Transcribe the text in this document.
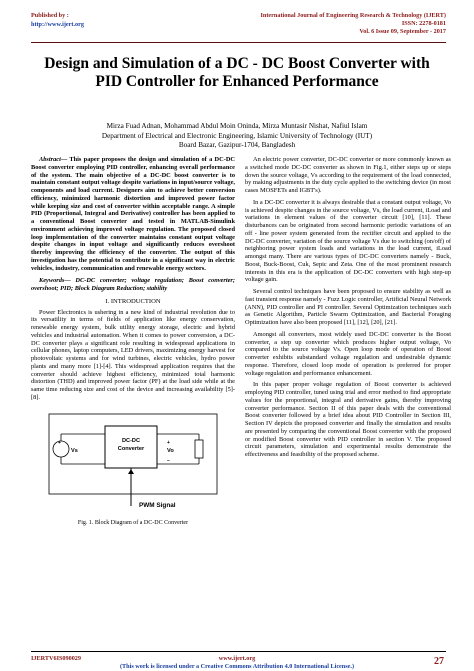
Published by :
http://www.ijert.org
International Journal of Engineering Research & Technology (IJERT)
ISSN: 2278-0181
Vol. 6 Issue 09, September - 2017
Design and Simulation of a DC - DC Boost Converter with PID Controller for Enhanced Performance
Mirza Fuad Adnan, Mohammad Abdul Moin Oninda, Mirza Muntasir Nishat, Nafiul Islam
Department of Electrical and Electronic Engineering, Islamic University of Technology (IUT)
Board Bazar, Gazipur-1704, Bangladesh
Abstract— This paper proposes the design and simulation of a DC-DC Boost converter employing PID controller, enhancing overall performance of the system. The main objective of a DC-DC boost converter is to maintain constant output voltage despite variations in input/source voltage, components and load current. Designers aim to achieve better conversion efficiency, minimized harmonic distortion and improved power factor while keeping size and cost of converter within acceptable range. A simple PID (Proportional, Integral and Derivative) controller has been applied to a conventional Boost converter and tested in MATLAB-Simulink environment achieving improved voltage regulation. The proposed closed loop implementation of the converter maintains constant output voltage despite changes in input voltage and significantly reduces overshoot thereby improving the efficiency of the converter. The output of this investigation has the potential to contribute in a significant way in electric vehicles, industry, communication and renewable energy sectors.
Keywords— DC-DC converter; voltage regulation; Boost converter; overshoot; PID; Block Diagram Reduction; stability
I. INTRODUCTION

Power Electronics is ushering in a new kind of industrial revolution due to its versatility in terms of fields of application like energy conservation, renewable energy system, bulk utility energy storage, electric and hybrid vehicles and industrial automation. When it comes to power conversion, a DC-DC converter plays a significant role resulting in widespread applications in cellular phones, laptop computers, LED drivers, maximizing energy harvest for photovoltaic systems and for wind turbines, electric vehicles, hydro power plants and many more [1]-[4]. This widespread application requires that the converter should achieve highest efficiency, minimized total harmonic distortion (THD) and improved power factor (PF) at the load side while at the same time reducing size and cost of the device and increasing availability [5]-[8].

DC-DC
Converter
+
Vs
+
Vo
−
PWM Signal
Fig. 1. Block Diagram of a DC-DC Converter

An electric power converter, DC-DC converter or more commonly known as a switched mode DC-DC converter as shown in Fig.1, either steps up or steps down the source voltage, Vs according to the requirement of the load connected, by making adjustments in the duty cycle applied to the switching device (in most cases MOSFETs and IGBT's).

In a DC-DC converter it is always desirable that a constant output voltage, Vo is achieved despite changes in the source voltage, Vs, the load current, iLoad and variations in element values of the converter circuit [10], [11]. These disturbances can be originated from second harmonic periodic variations of an off - line power system generated from the rectifier circuit and applied to the DC-DC converter, variation of the source voltage Vs due to switching (on/off) of neighboring power system loads and variations in the load current, iLoad amongst many. There are various types of DC-DC converters namely - Buck, Boost, Buck-Boost, Cuk, Sepic and Zeta. One of the most prominent research interests in this era is the application of DC-DC converters with high step-up voltage gain.

Several control techniques have been proposed to ensure stability as well as fast transient response namely - Fuzz Logic controller, Artificial Neural Network (ANN), PID controller and PI controller. Several Optimization techniques such as Genetic Algorithm, Particle Swarm Optimization, and Bacterial Foraging Optimization have also been proposed [11], [12], [20], [21].

Amongst all converters, most widely used DC-DC converter is the Boost converter, a step up converter which produces higher output voltage, Vo compared to the source voltage Vs. Open loop mode of operation of Boost converter exhibits substandard voltage regulation and undesirable dynamic response. Therefore, closed loop mode of operation is preferred for proper voltage regulation and performance enhancement.

In this paper proper voltage regulation of Boost converter is achieved employing PID controller, tuned using trial and error method to find appropriate values for the proportional, integral and derivative gains, thereby improving converter performance. Section II of this paper deals with the conventional Boost converter followed by a brief idea about PID Controller in Section III, Section IV depicts the proposed converter and finally the simulation and results are presented by comparing the conventional Boost converter with the proposed or modified Boost converter with PID controller in section V. The proposed circuit parameters, simulation and experimental results demonstrate the effectiveness and feasibility of the proposed scheme.

IJERTV6IS090029	www.ijert.org
(This work is licensed under a Creative Commons Attribution 4.0 International License.)	27
